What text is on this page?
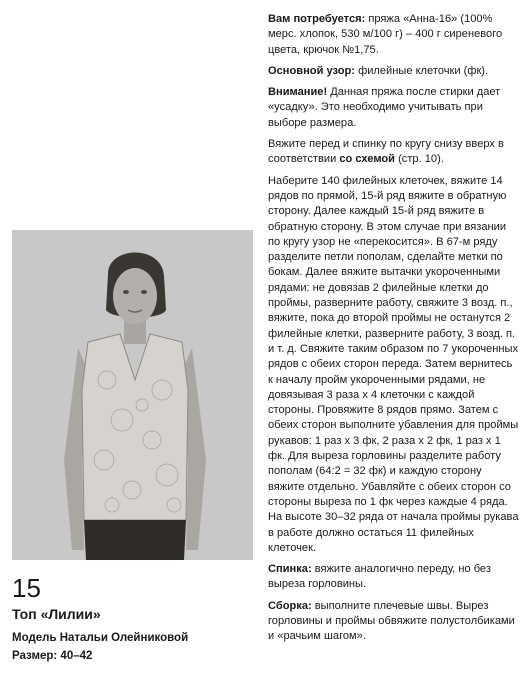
15

Топ «Лилии»

Модель Натальи Олейниковой

Размер: 40–42

Вам потребуется: пряжа «Анна-16» (100% мерс. хлопок, 530 м/100 г) – 400 г сиреневого цвета, крючок №1,75.

Основной узор: филейные клеточки (фк).

Внимание! Данная пряжа после стирки дает «усадку». Это необходимо учитывать при выборе размера.

Вяжите перед и спинку по кругу снизу вверх в соответствии со схемой (стр. 10).

Наберите 140 филейных клеточек, вяжите 14 рядов по прямой, 15-й ряд вяжите в обратную сторону. Далее каждый 15-й ряд вяжите в обратную сторону. В этом случае при вязании по кругу узор не «перекосится». В 67-м ряду разделите петли пополам, сделайте метки по бокам. Далее вяжите вытачки укороченными рядами: не довязав 2 филейные клетки до проймы, разверните работу, свяжите 3 возд. п., вяжите, пока до второй проймы не останутся 2 филейные клетки, разверните работу, 3 возд. п. и т. д. Свяжите таким образом по 7 укороченных рядов с обеих сторон переда. Затем вернитесь к началу пройм укороченными рядами, не довязывая 3 раза х 4 клеточки с каждой стороны. Провяжите 8 рядов прямо. Затем с обеих сторон выполните убавления для проймы рукавов: 1 раз х 3 фк, 2 раза х 2 фк, 1 раз х 1 фк. Для выреза горловины разделите работу пополам (64:2 = 32 фк) и каждую сторону вяжите отдельно. Убавляйте с обеих сторон со стороны выреза по 1 фк через каждые 4 ряда. На высоте 30–32 ряда от начала проймы рукава в работе должно остаться 11 филейных клеточек.

Спинка: вяжите аналогично переду, но без выреза горловины.

Сборка: выполните плечевые швы. Вырез горловины и проймы обвяжите полустолбиками и «рачьим шагом».
